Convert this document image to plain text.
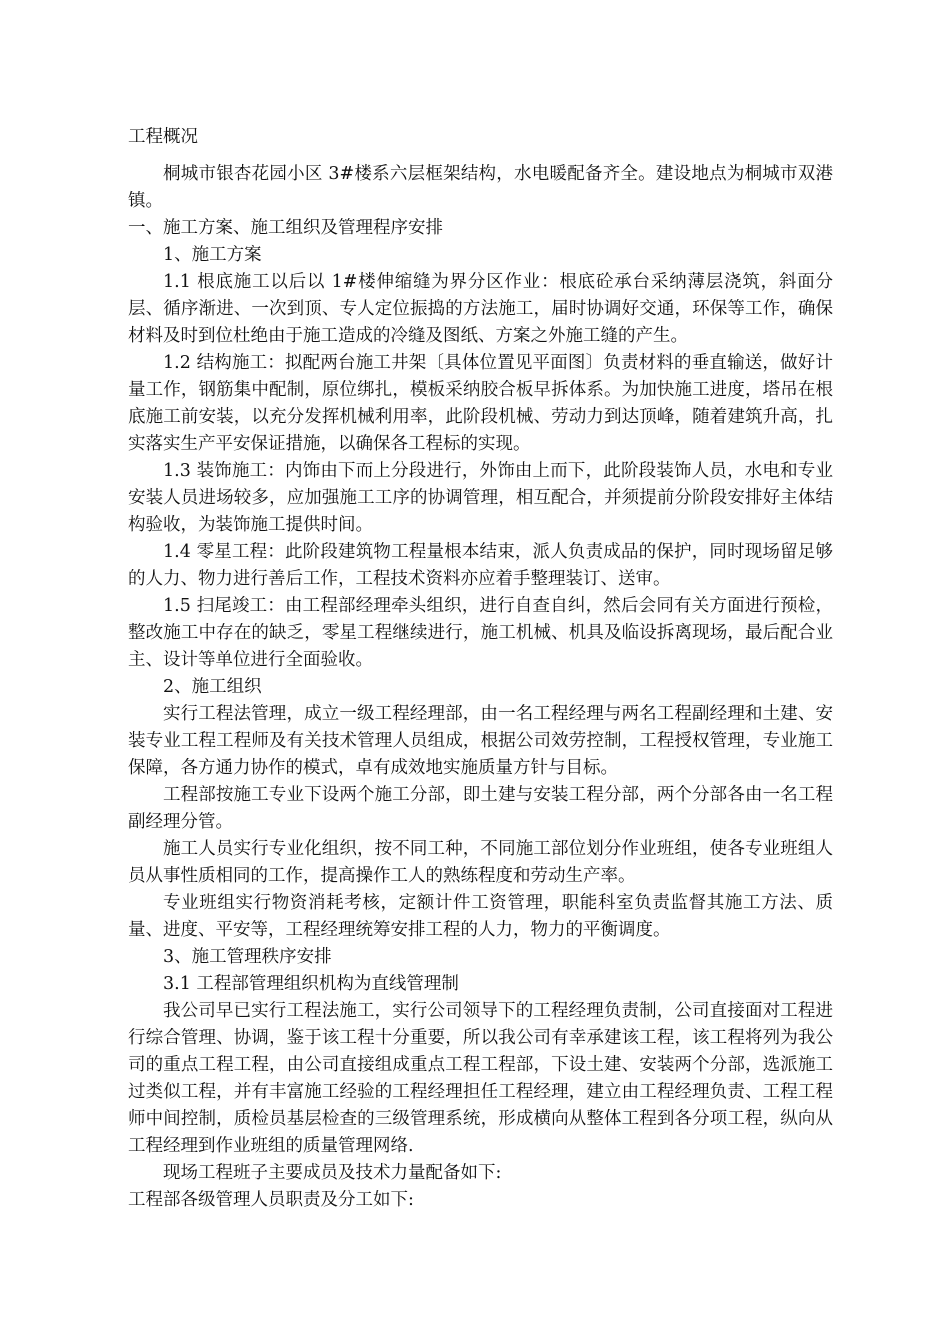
工程概况

桐城市银杏花园小区 3#楼系六层框架结构，水电暖配备齐全。建设地点为桐城市双港镇。

一、施工方案、施工组织及管理程序安排

1、施工方案

1.1 根底施工以后以 1#楼伸缩缝为界分区作业：根底砼承台采纳薄层浇筑，斜面分层、循序渐进、一次到顶、专人定位振捣的方法施工，届时协调好交通，环保等工作，确保材料及时到位杜绝由于施工造成的冷缝及图纸、方案之外施工缝的产生。

1.2 结构施工：拟配两台施工井架〔具体位置见平面图〕负责材料的垂直输送，做好计量工作，钢筋集中配制，原位绑扎，模板采纳胶合板早拆体系。为加快施工进度，塔吊在根底施工前安装，以充分发挥机械利用率，此阶段机械、劳动力到达顶峰，随着建筑升高，扎实落实生产平安保证措施，以确保各工程标的实现。

1.3 装饰施工：内饰由下而上分段进行，外饰由上而下，此阶段装饰人员，水电和专业安装人员进场较多，应加强施工工序的协调管理，相互配合，并须提前分阶段安排好主体结构验收，为装饰施工提供时间。

1.4 零星工程：此阶段建筑物工程量根本结束，派人负责成品的保护，同时现场留足够的人力、物力进行善后工作，工程技术资料亦应着手整理装订、送审。

1.5 扫尾竣工：由工程部经理牵头组织，进行自查自纠，然后会同有关方面进行预检，整改施工中存在的缺乏，零星工程继续进行，施工机械、机具及临设拆离现场，最后配合业主、设计等单位进行全面验收。

2、施工组织

实行工程法管理，成立一级工程经理部，由一名工程经理与两名工程副经理和土建、安装专业工程工程师及有关技术管理人员组成，根据公司效劳控制，工程授权管理，专业施工保障，各方通力协作的模式，卓有成效地实施质量方针与目标。

工程部按施工专业下设两个施工分部，即土建与安装工程分部，两个分部各由一名工程副经理分管。

施工人员实行专业化组织，按不同工种，不同施工部位划分作业班组，使各专业班组人员从事性质相同的工作，提高操作工人的熟练程度和劳动生产率。

专业班组实行物资消耗考核，定额计件工资管理，职能科室负责监督其施工方法、质量、进度、平安等，工程经理统筹安排工程的人力，物力的平衡调度。

3、施工管理秩序安排

3.1 工程部管理组织机构为直线管理制

我公司早已实行工程法施工，实行公司领导下的工程经理负责制，公司直接面对工程进行综合管理、协调，鉴于该工程十分重要，所以我公司有幸承建该工程，该工程将列为我公司的重点工程工程，由公司直接组成重点工程工程部，下设土建、安装两个分部，选派施工过类似工程，并有丰富施工经验的工程经理担任工程经理，建立由工程经理负责、工程工程师中间控制，质检员基层检查的三级管理系统，形成横向从整体工程到各分项工程，纵向从工程经理到作业班组的质量管理网络.

现场工程班子主要成员及技术力量配备如下:

工程部各级管理人员职责及分工如下:
